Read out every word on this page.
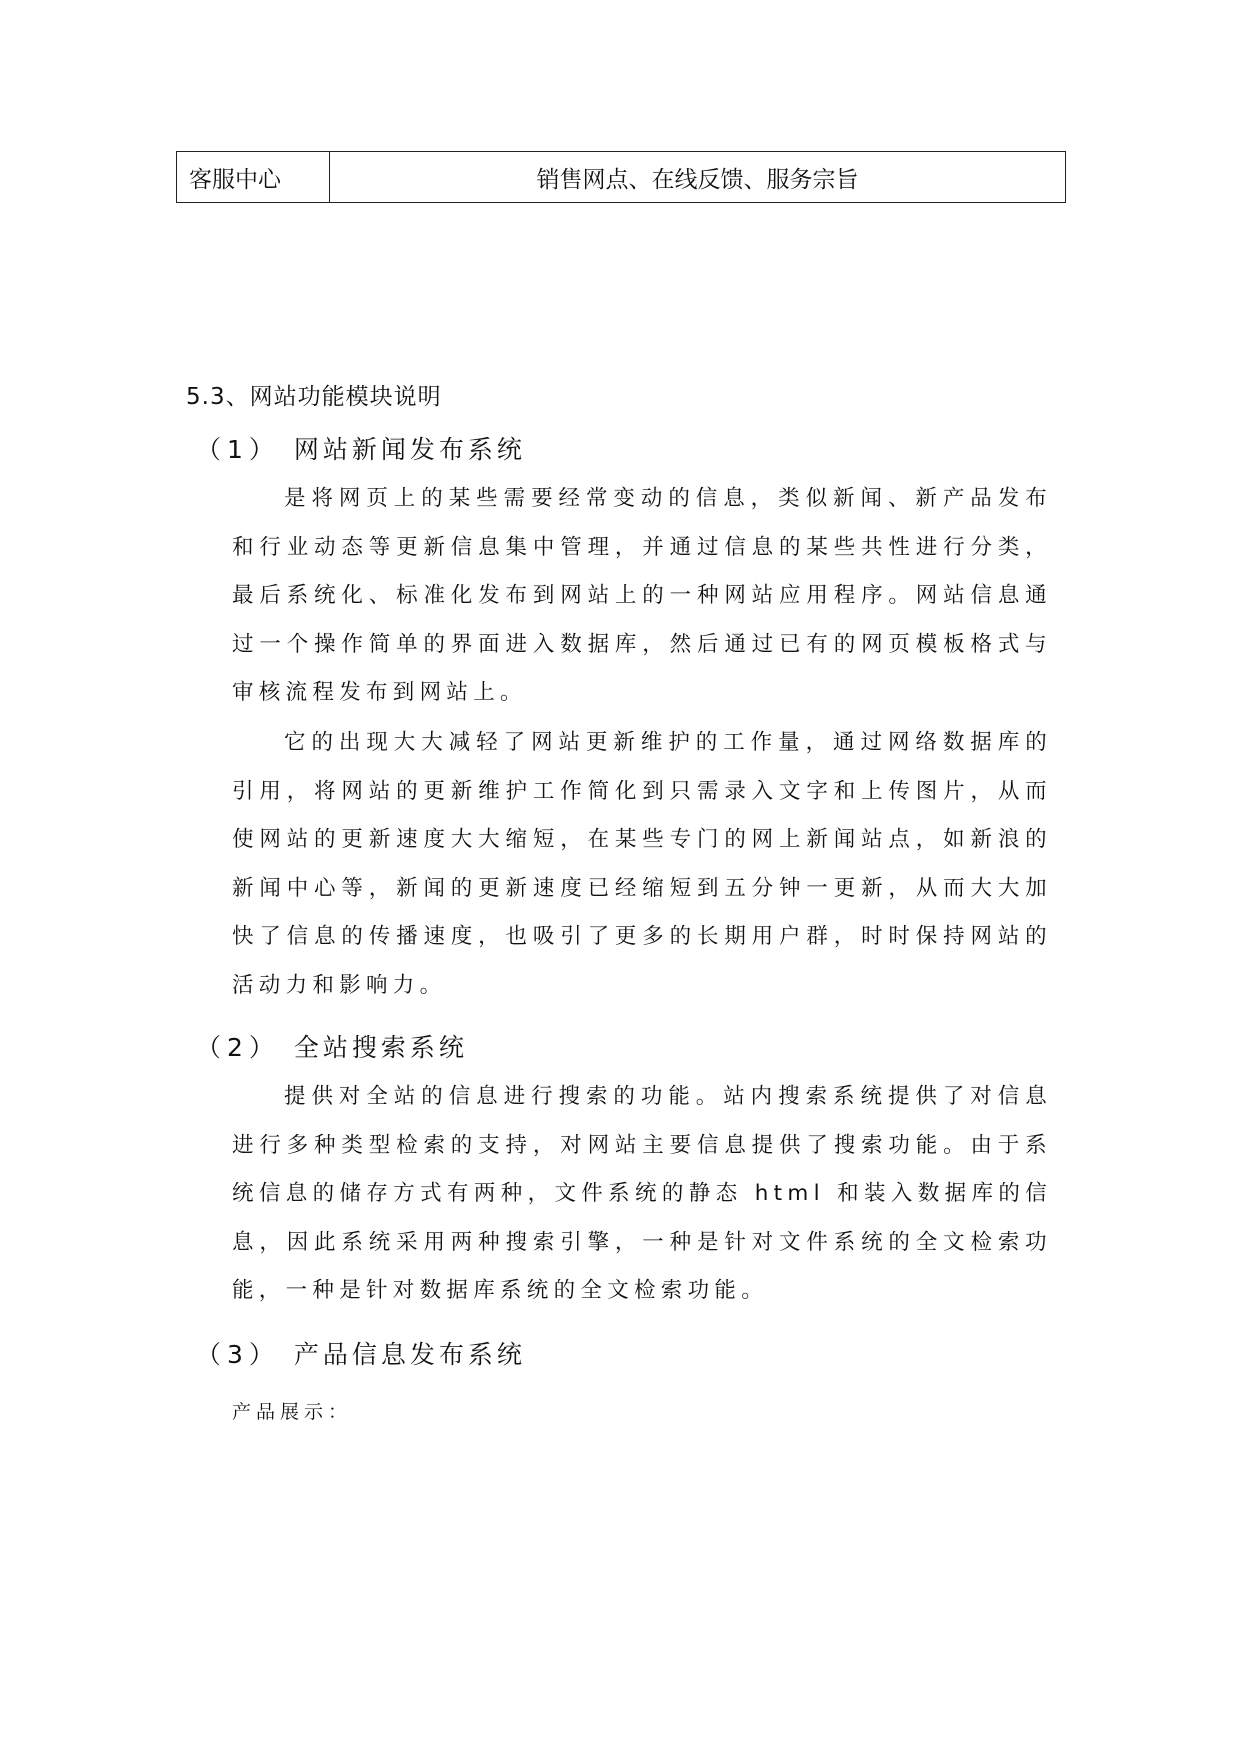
客服中心	销售网点、在线反馈、服务宗旨
5.3、网站功能模块说明
（1） 网站新闻发布系统

是将网页上的某些需要经常变动的信息，类似新闻、新产品发布和行业动态等更新信息集中管理，并通过信息的某些共性进行分类，最后系统化、标准化发布到网站上的一种网站应用程序。网站信息通过一个操作简单的界面进入数据库，然后通过已有的网页模板格式与审核流程发布到网站上。

它的出现大大减轻了网站更新维护的工作量，通过网络数据库的引用，将网站的更新维护工作简化到只需录入文字和上传图片，从而使网站的更新速度大大缩短，在某些专门的网上新闻站点，如新浪的新闻中心等，新闻的更新速度已经缩短到五分钟一更新，从而大大加快了信息的传播速度，也吸引了更多的长期用户群，时时保持网站的活动力和影响力。

（2） 全站搜索系统

提供对全站的信息进行搜索的功能。站内搜索系统提供了对信息进行多种类型检索的支持，对网站主要信息提供了搜索功能。由于系统信息的储存方式有两种，文件系统的静态 html 和装入数据库的信息，因此系统采用两种搜索引擎，一种是针对文件系统的全文检索功能，一种是针对数据库系统的全文检索功能。

（3） 产品信息发布系统
产品展示：
